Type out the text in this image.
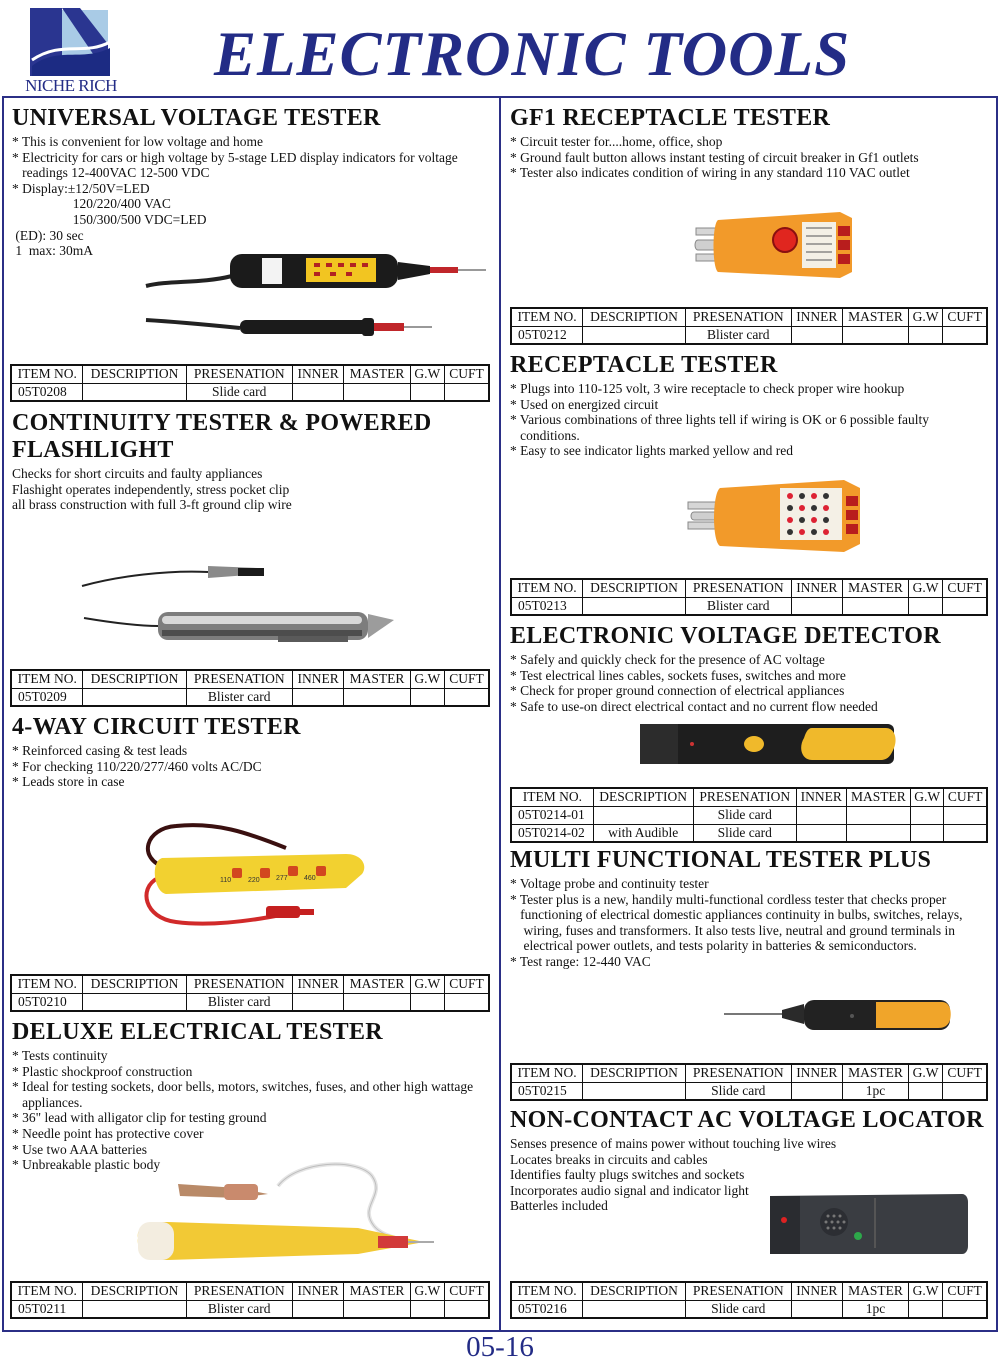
NICHE RICH ELECTRONIC TOOLS
UNIVERSAL VOLTAGE TESTER
* This is convenient for low voltage and home
* Electricity for cars or high voltage by 5-stage LED display indicators for voltage
readings 12-400VAC 12-500 VDC
* Display:±12/50V=LED
120/220/400 VAC
150/300/500 VDC=LED
(ED): 30 sec
1  max: 30mA
ITEM NO.	DESCRIPTION	PRESENATION	INNER	MASTER	G.W	CUFT
05T0208		Slide card				
CONTINUITY TESTER & POWERED FLASHLIGHT
Checks for short circuits and faulty appliances
Flashight operates independently, stress pocket clip
all brass construction with full 3-ft ground clip wire
ITEM NO.	DESCRIPTION	PRESENATION	INNER	MASTER	G.W	CUFT
05T0209		Blister card				
4-WAY CIRCUIT TESTER
* Reinforced casing & test leads
* For checking 110/220/277/460 volts AC/DC
* Leads store in case
110 220 277 460
ITEM NO.	DESCRIPTION	PRESENATION	INNER	MASTER	G.W	CUFT
05T0210		Blister card				
DELUXE ELECTRICAL TESTER
* Tests continuity
* Plastic shockproof construction
* Ideal for testing sockets, door bells, motors, switches, fuses, and other high wattage
appliances.
* 36" lead with alligator clip for testing ground
* Needle point has protective cover
* Use two AAA batteries
* Unbreakable plastic body
ITEM NO.	DESCRIPTION	PRESENATION	INNER	MASTER	G.W	CUFT
05T0211		Blister card				
GF1 RECEPTACLE TESTER
* Circuit tester for....home, office, shop
* Ground fault button allows instant testing of circuit breaker in Gf1 outlets
* Tester also indicates condition of wiring in any standard 110 VAC outlet
ITEM NO.	DESCRIPTION	PRESENATION	INNER	MASTER	G.W	CUFT
05T0212		Blister card				
RECEPTACLE TESTER
* Plugs into 110-125 volt, 3 wire receptacle to check proper wire hookup
* Used on energized circuit
* Various combinations of three lights tell if wiring is OK or 6 possible faulty
conditions.
* Easy to see indicator lights marked yellow and red
ITEM NO.	DESCRIPTION	PRESENATION	INNER	MASTER	G.W	CUFT
05T0213		Blister card				
ELECTRONIC VOLTAGE DETECTOR
* Safely and quickly check for the presence of AC voltage
* Test electrical lines cables, sockets fuses, switches and more
* Check for proper ground connection of electrical appliances
* Safe to use-on direct electrical contact and no current flow needed
ITEM NO.	DESCRIPTION	PRESENATION	INNER	MASTER	G.W	CUFT
05T0214-01		Slide card				
05T0214-02	with Audible	Slide card				
MULTI FUNCTIONAL TESTER PLUS
* Voltage probe and continuity tester
* Tester plus is a new, handily multi-functional cordless tester that checks proper
functioning of electrical domestic appliances continuity in bulbs, switches, relays,
wiring, fuses and transformers. It also tests live, neutral and ground terminals in
electrical power outlets, and tests polarity in batteries & semiconductors.
* Test range: 12-440 VAC
ITEM NO.	DESCRIPTION	PRESENATION	INNER	MASTER	G.W	CUFT
05T0215		Slide card		1pc		
NON-CONTACT AC VOLTAGE LOCATOR
Senses presence of mains power without touching live wires
Locates breaks in circuits and cables
Identifies faulty plugs switches and sockets
Incorporates audio signal and indicator light
Batterles included
ITEM NO.	DESCRIPTION	PRESENATION	INNER	MASTER	G.W	CUFT
05T0216		Slide card		1pc		
05-16
